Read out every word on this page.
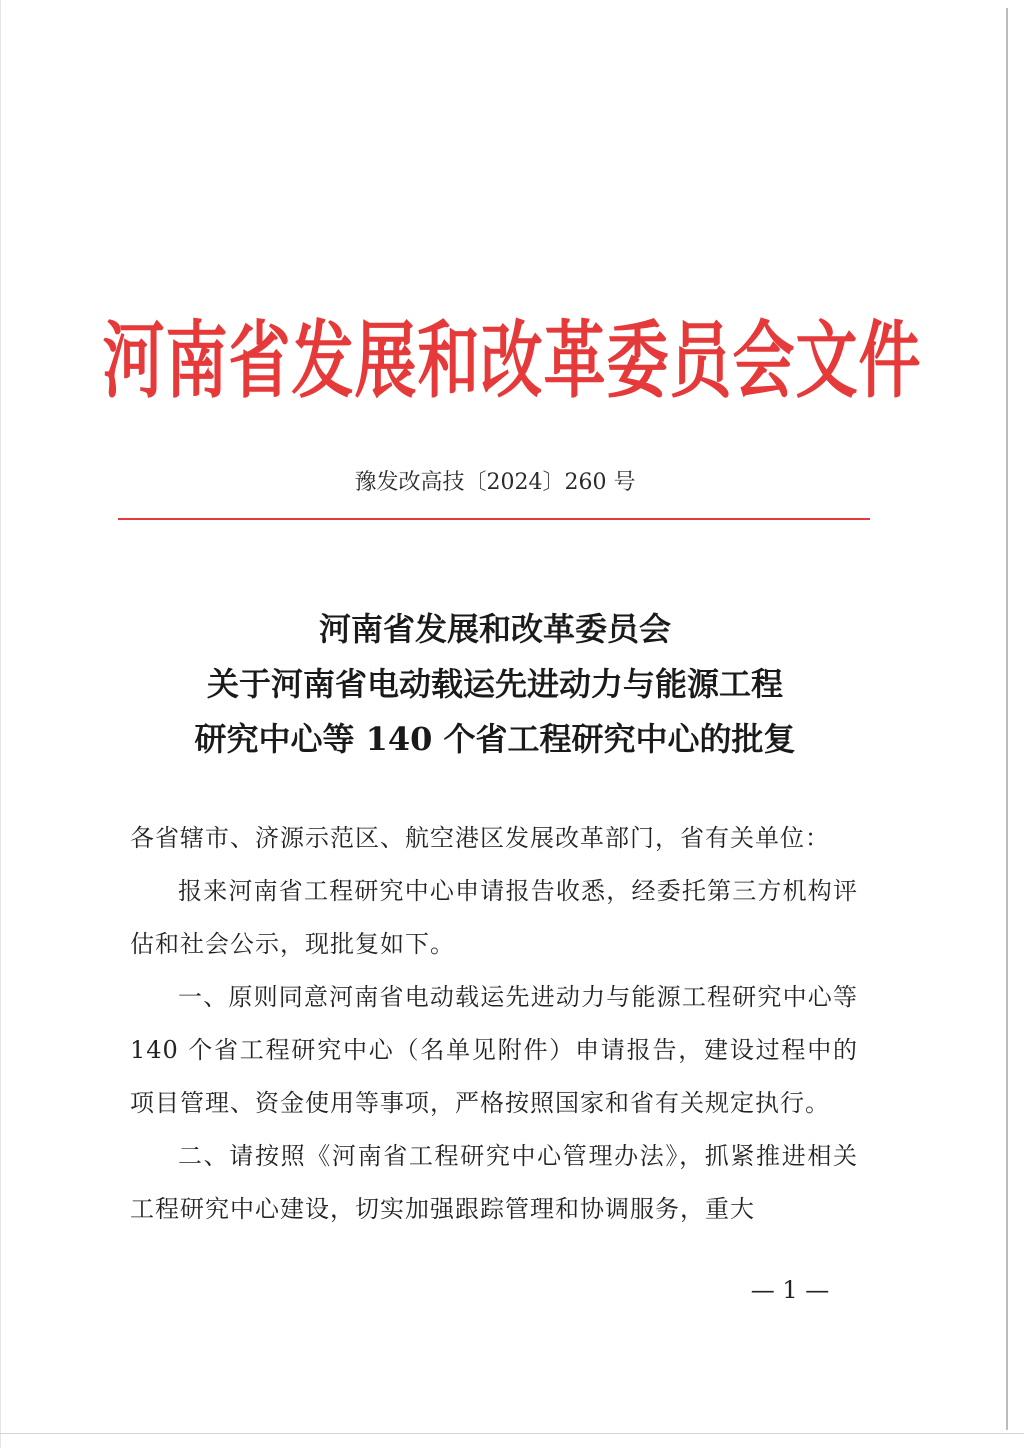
河南省发展和改革委员会文件
豫发改高技〔2024〕260 号
河南省发展和改革委员会
关于河南省电动载运先进动力与能源工程
研究中心等 140 个省工程研究中心的批复

各省辖市、济源示范区、航空港区发展改革部门，省有关单位：

报来河南省工程研究中心申请报告收悉，经委托第三方机构评估和社会公示，现批复如下。

一、原则同意河南省电动载运先进动力与能源工程研究中心等 140 个省工程研究中心（名单见附件）申请报告，建设过程中的项目管理、资金使用等事项，严格按照国家和省有关规定执行。

二、请按照《河南省工程研究中心管理办法》，抓紧推进相关工程研究中心建设，切实加强跟踪管理和协调服务，重大

— 1 —
